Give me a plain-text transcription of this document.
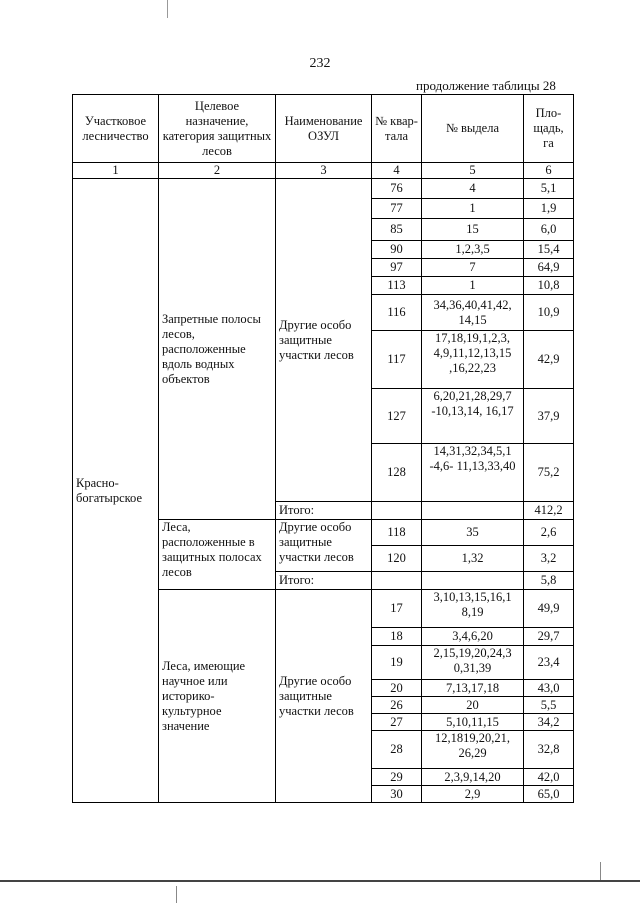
232
продолжение таблицы 28
Участковое лесничество	Целевое назначение, категория защитных лесов	Наименование ОЗУЛ	№ квар-тала	№ выдела	Пло-щадь, га
1	2	3	4	5	6
Красно-богатырское	Запретные полосы лесов, расположенные вдоль водных объектов	Другие особо защитные участки лесов	76	4	5,1
			77	1	1,9
			85	15	6,0
			90	1,2,3,5	15,4
			97	7	64,9
			113	1	10,8
			116	34,36,40,41,42, 14,15	10,9
			117	17,18,19,1,2,3, 4,9,11,12,13,15 ,16,22,23	42,9
			127	6,20,21,28,29,7 -10,13,14, 16,17	37,9
			128	14,31,32,34,5,1 -4,6- 11,13,33,40	75,2
		Итого:			412,2
	Леса, расположенные в защитных полосах лесов	Другие особо защитные участки лесов	118	35	2,6
			120	1,32	3,2
		Итого:			5,8
	Леса, имеющие научное или историко-культурное значение	Другие особо защитные участки лесов	17	3,10,13,15,16,1 8,19	49,9
			18	3,4,6,20	29,7
			19	2,15,19,20,24,3 0,31,39	23,4
			20	7,13,17,18	43,0
			26	20	5,5
			27	5,10,11,15	34,2
			28	12,1819,20,21, 26,29	32,8
			29	2,3,9,14,20	42,0
			30	2,9	65,0
